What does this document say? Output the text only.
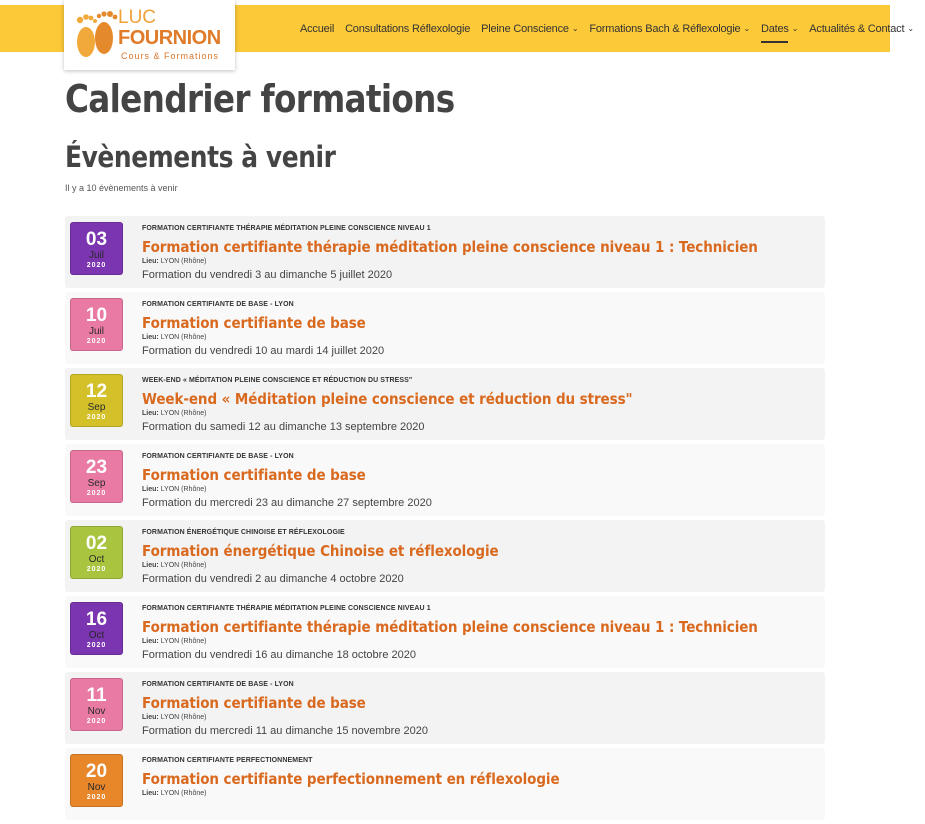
LUC
FOURNION
Cours & Formations
Accueil Consultations Réflexologie Pleine Conscience ⌄ Formations Bach & Réflexologie ⌄ Dates ⌄ Actualités & Contact ⌄
Calendrier formations
Évènements à venir
Il y a 10 évènements à venir
03
Juil
2020
FORMATION CERTIFIANTE THÉRAPIE MÉDITATION PLEINE CONSCIENCE NIVEAU 1
Formation certifiante thérapie méditation pleine conscience niveau 1 : Technicien
Lieu: LYON (Rhône)
Formation du vendredi 3 au dimanche 5 juillet 2020
10
Juil
2020
FORMATION CERTIFIANTE DE BASE - LYON
Formation certifiante de base
Lieu: LYON (Rhône)
Formation du vendredi 10 au mardi 14 juillet 2020
12
Sep
2020
WEEK-END « MÉDITATION PLEINE CONSCIENCE ET RÉDUCTION DU STRESS"
Week-end « Méditation pleine conscience et réduction du stress"
Lieu: LYON (Rhône)
Formation du samedi 12 au dimanche 13 septembre 2020
23
Sep
2020
FORMATION CERTIFIANTE DE BASE - LYON
Formation certifiante de base
Lieu: LYON (Rhône)
Formation du mercredi 23 au dimanche 27 septembre 2020
02
Oct
2020
FORMATION ÉNERGÉTIQUE CHINOISE ET RÉFLEXOLOGIE
Formation énergétique Chinoise et réflexologie
Lieu: LYON (Rhône)
Formation du vendredi 2 au dimanche 4 octobre 2020
16
Oct
2020
FORMATION CERTIFIANTE THÉRAPIE MÉDITATION PLEINE CONSCIENCE NIVEAU 1
Formation certifiante thérapie méditation pleine conscience niveau 1 : Technicien
Lieu: LYON (Rhône)
Formation du vendredi 16 au dimanche 18 octobre 2020
11
Nov
2020
FORMATION CERTIFIANTE DE BASE - LYON
Formation certifiante de base
Lieu: LYON (Rhône)
Formation du mercredi 11 au dimanche 15 novembre 2020
20
Nov
2020
FORMATION CERTIFIANTE PERFECTIONNEMENT
Formation certifiante perfectionnement en réflexologie
Lieu: LYON (Rhône)
